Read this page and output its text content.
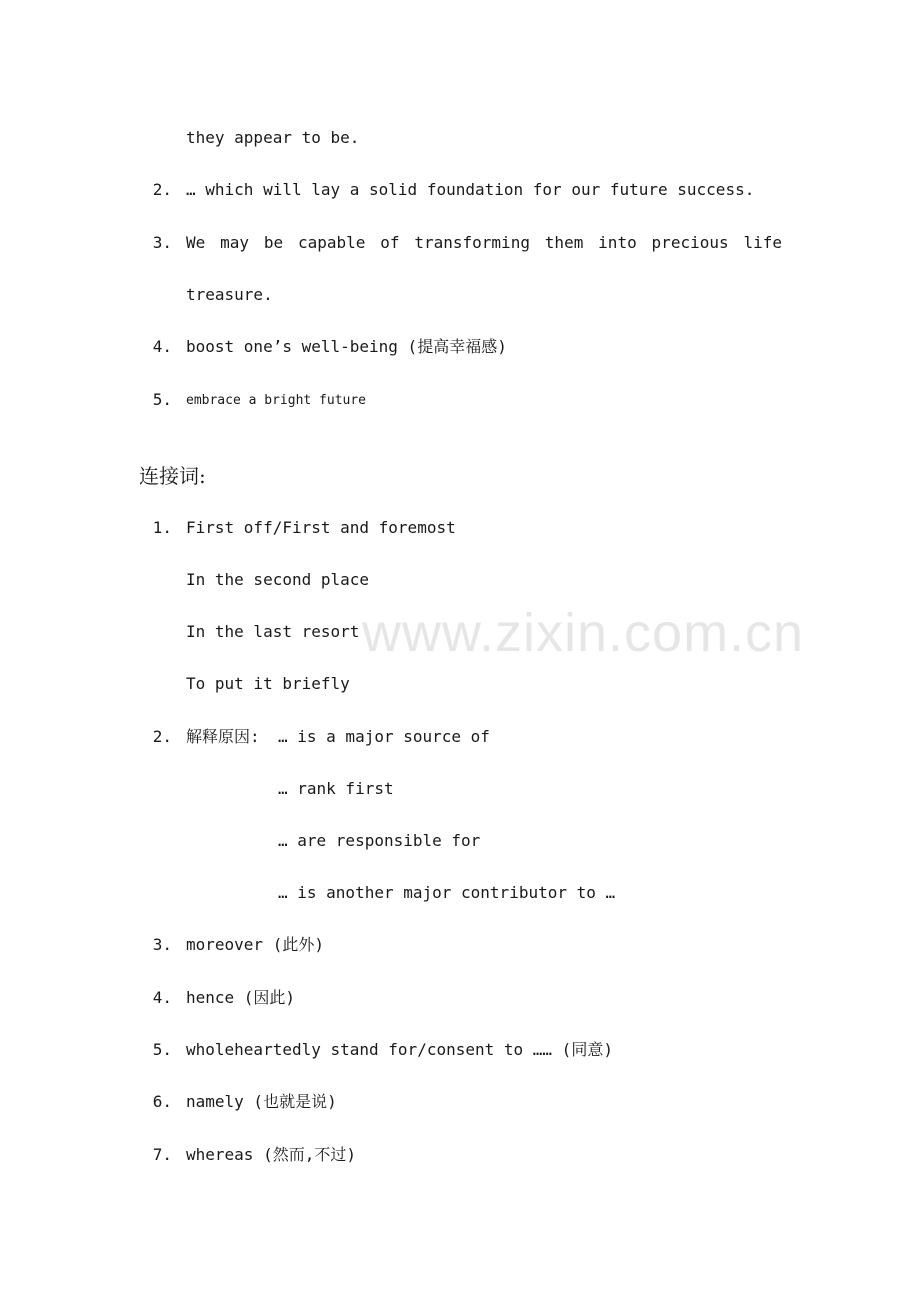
they appear to be.
2. … which will lay a solid foundation for our future success.
3. We may be capable of transforming them into precious life
treasure.
4. boost one’s well-being (提高幸福感)
5. embrace a bright future
连接词:
1. First off/First and foremost
In the second place
In the last resort
To put it briefly
2. 解释原因: … is a major source of
… rank first
… are responsible for
… is another major contributor to …
3. moreover (此外)
4. hence (因此)
5. wholeheartedly stand for/consent to …… (同意)
6. namely (也就是说)
7. whereas (然而,不过)
www.zixin.com.cn
